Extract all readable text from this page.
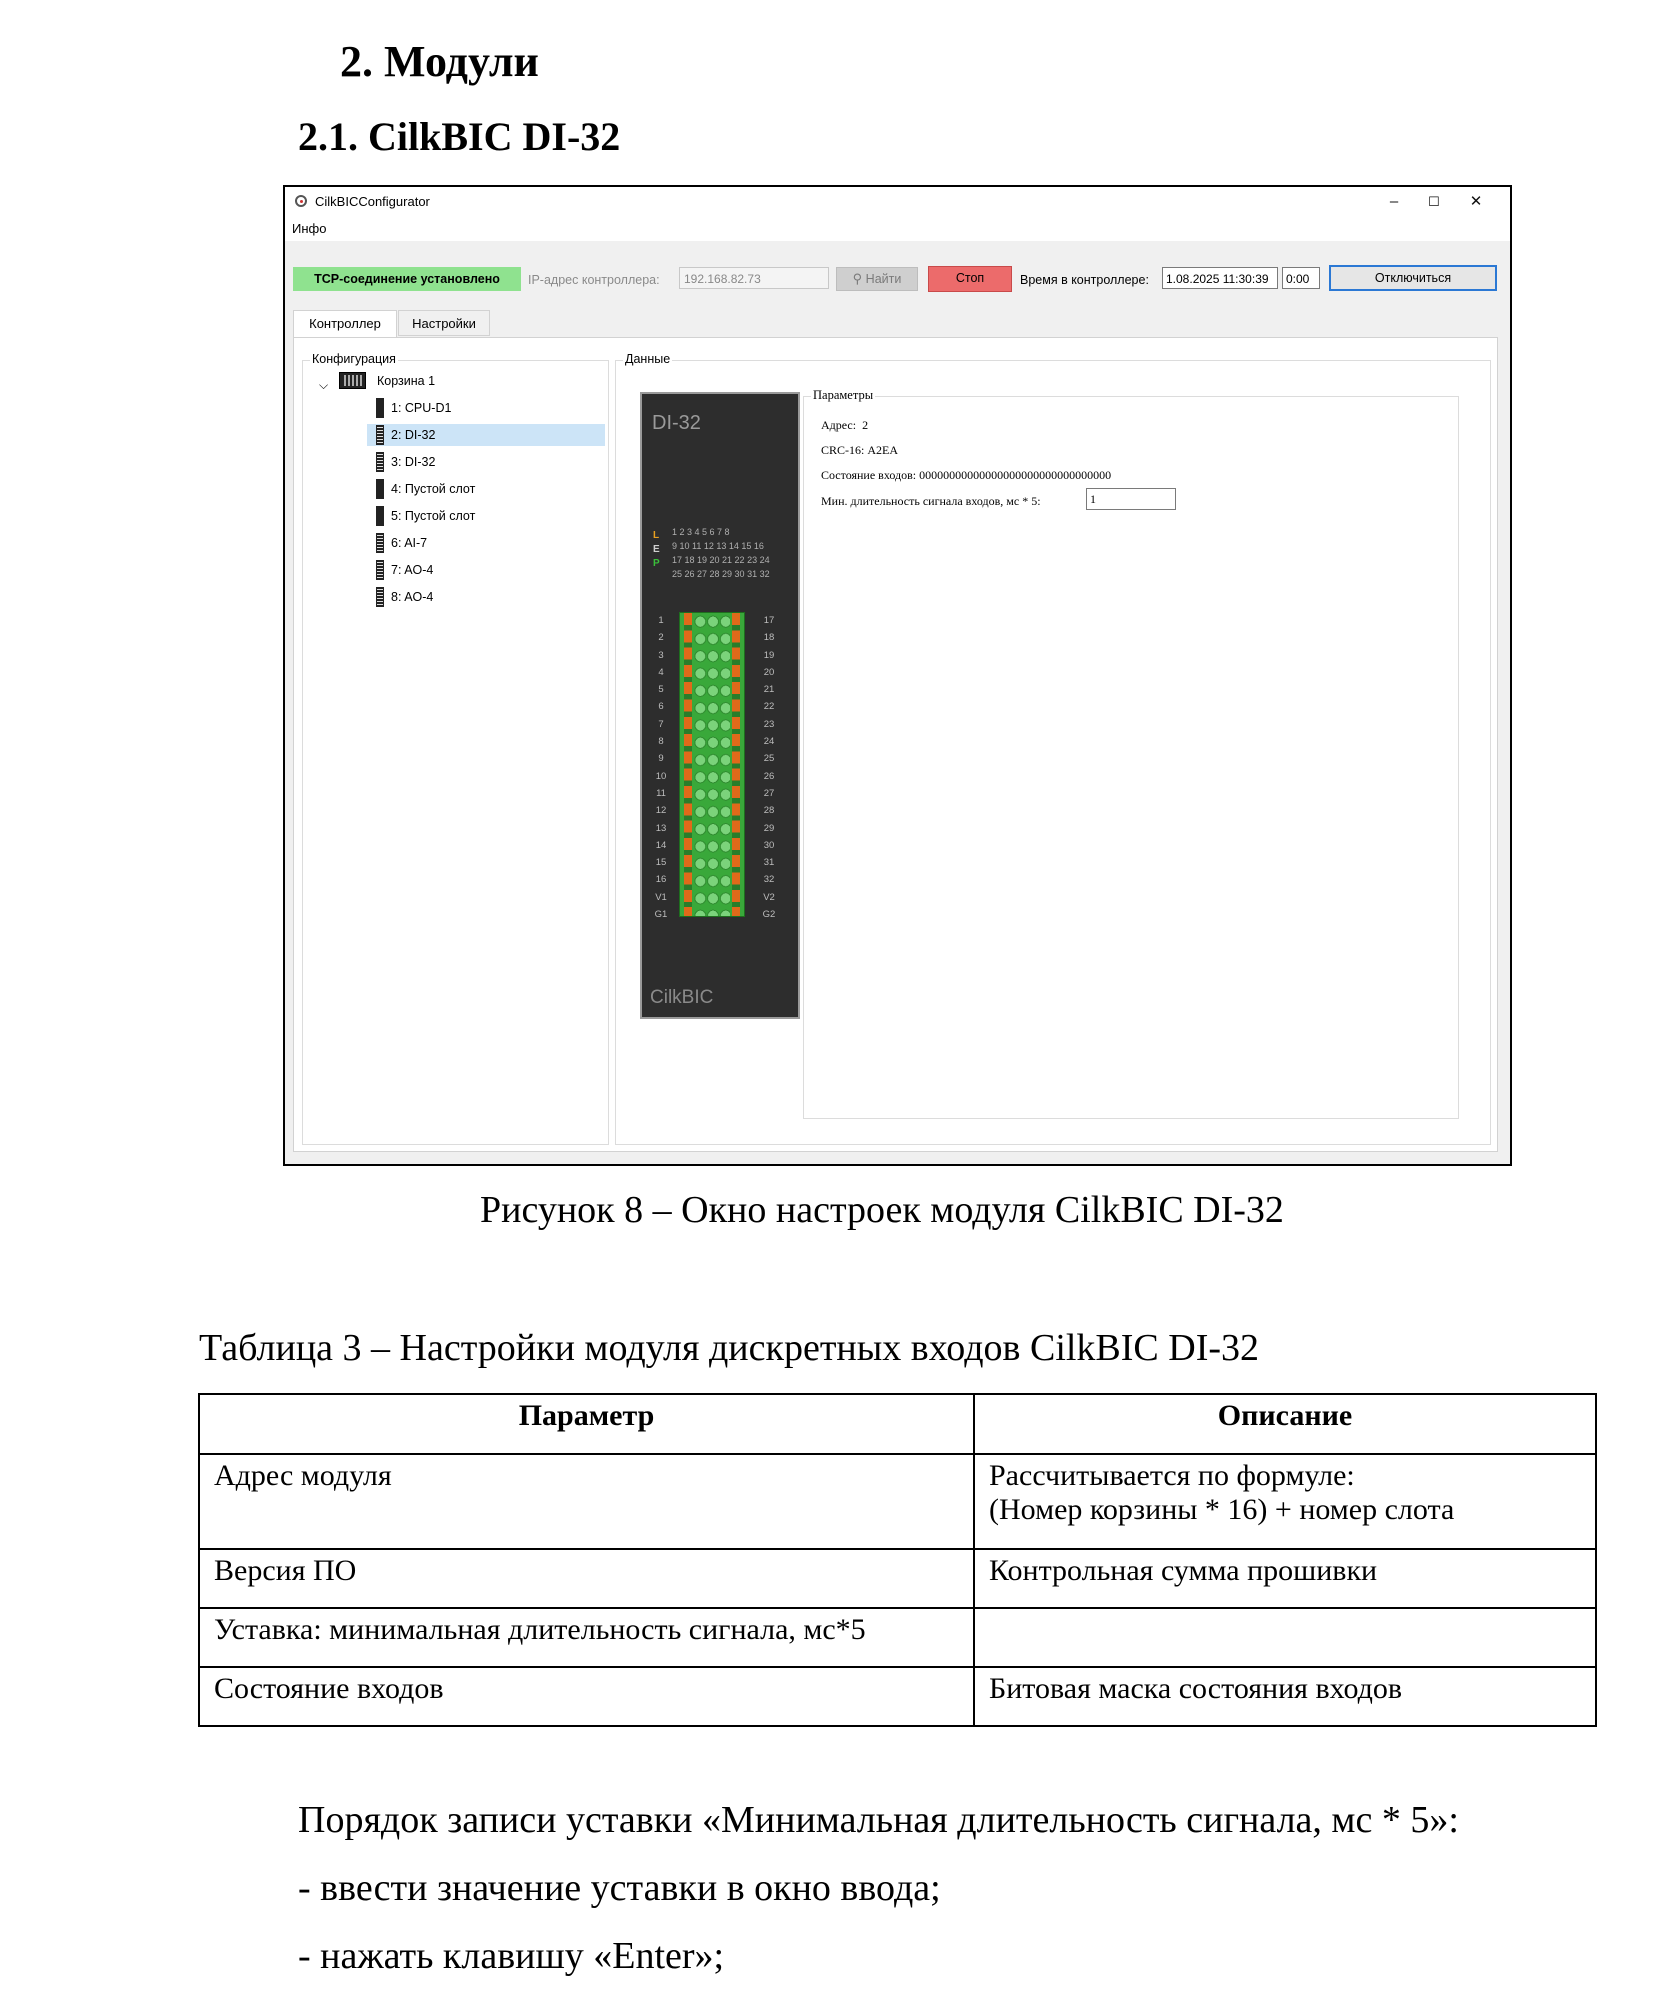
2. Модули
2.1. CilkBIC DI-32
CilkBICConfigurator	–	☐	✕
Инфо
TCP-соединение установлено	IP-адрес контроллера:	192.168.82.73	⚲ Найти	Стоп	Время в контроллере:	1.08.2025 11:30:39	0:00	Отключиться
Контроллер	Настройки
Конфигурация	Данные
⌵	Корзина 1
1: CPU-D1
2: DI-32
3: DI-32
4: Пустой слот
5: Пустой слот
6: AI-7
7: AO-4
8: AO-4
DI-32
L
E
P
1 2 3 4 5 6 7 8
9 10 11 12 13 14 15 16
17 18 19 20 21 22 23 24
25 26 27 28 29 30 31 32
1
2
3
4
5
6
7
8
9
10
11
12
13
14
15
16
V1
G1
17
18
19
20
21
22
23
24
25
26
27
28
29
30
31
32
V2
G2
CilkBIC
Параметры
Адрес: 2
CRC-16: A2EA
Состояние входов: 00000000000000000000000000000000
Мин. длительность сигнала входов, мс * 5:	1
Рисунок 8 – Окно настроек модуля CilkBIC DI-32
Таблица 3 – Настройки модуля дискретных входов CilkBIC DI-32
Параметр	Описание
Адрес модуля	Рассчитывается по формуле:
(Номер корзины * 16) + номер слота

Версия ПО	Контрольная сумма прошивки
Уставка: минимальная длительность сигнала, мс*5	
Состояние входов	Битовая маска состояния входов
Порядок записи уставки «Минимальная длительность сигнала, мс * 5»:
- ввести значение уставки в окно ввода;
- нажать клавишу «Enter»;
